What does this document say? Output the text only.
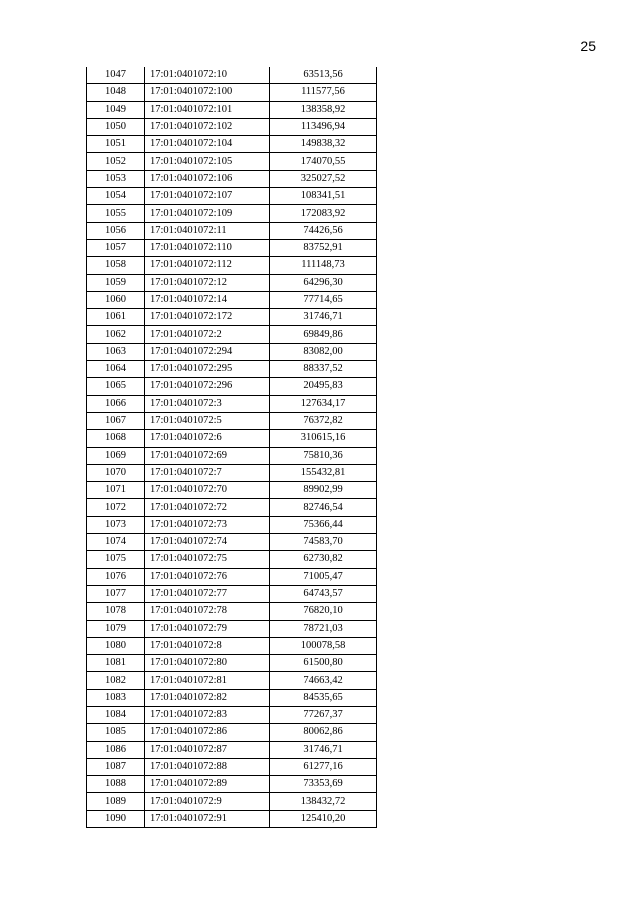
25
1047	17:01:0401072:10	63513,56
1048	17:01:0401072:100	111577,56
1049	17:01:0401072:101	138358,92
1050	17:01:0401072:102	113496,94
1051	17:01:0401072:104	149838,32
1052	17:01:0401072:105	174070,55
1053	17:01:0401072:106	325027,52
1054	17:01:0401072:107	108341,51
1055	17:01:0401072:109	172083,92
1056	17:01:0401072:11	74426,56
1057	17:01:0401072:110	83752,91
1058	17:01:0401072:112	111148,73
1059	17:01:0401072:12	64296,30
1060	17:01:0401072:14	77714,65
1061	17:01:0401072:172	31746,71
1062	17:01:0401072:2	69849,86
1063	17:01:0401072:294	83082,00
1064	17:01:0401072:295	88337,52
1065	17:01:0401072:296	20495,83
1066	17:01:0401072:3	127634,17
1067	17:01:0401072:5	76372,82
1068	17:01:0401072:6	310615,16
1069	17:01:0401072:69	75810,36
1070	17:01:0401072:7	155432,81
1071	17:01:0401072:70	89902,99
1072	17:01:0401072:72	82746,54
1073	17:01:0401072:73	75366,44
1074	17:01:0401072:74	74583,70
1075	17:01:0401072:75	62730,82
1076	17:01:0401072:76	71005,47
1077	17:01:0401072:77	64743,57
1078	17:01:0401072:78	76820,10
1079	17:01:0401072:79	78721,03
1080	17:01:0401072:8	100078,58
1081	17:01:0401072:80	61500,80
1082	17:01:0401072:81	74663,42
1083	17:01:0401072:82	84535,65
1084	17:01:0401072:83	77267,37
1085	17:01:0401072:86	80062,86
1086	17:01:0401072:87	31746,71
1087	17:01:0401072:88	61277,16
1088	17:01:0401072:89	73353,69
1089	17:01:0401072:9	138432,72
1090	17:01:0401072:91	125410,20
